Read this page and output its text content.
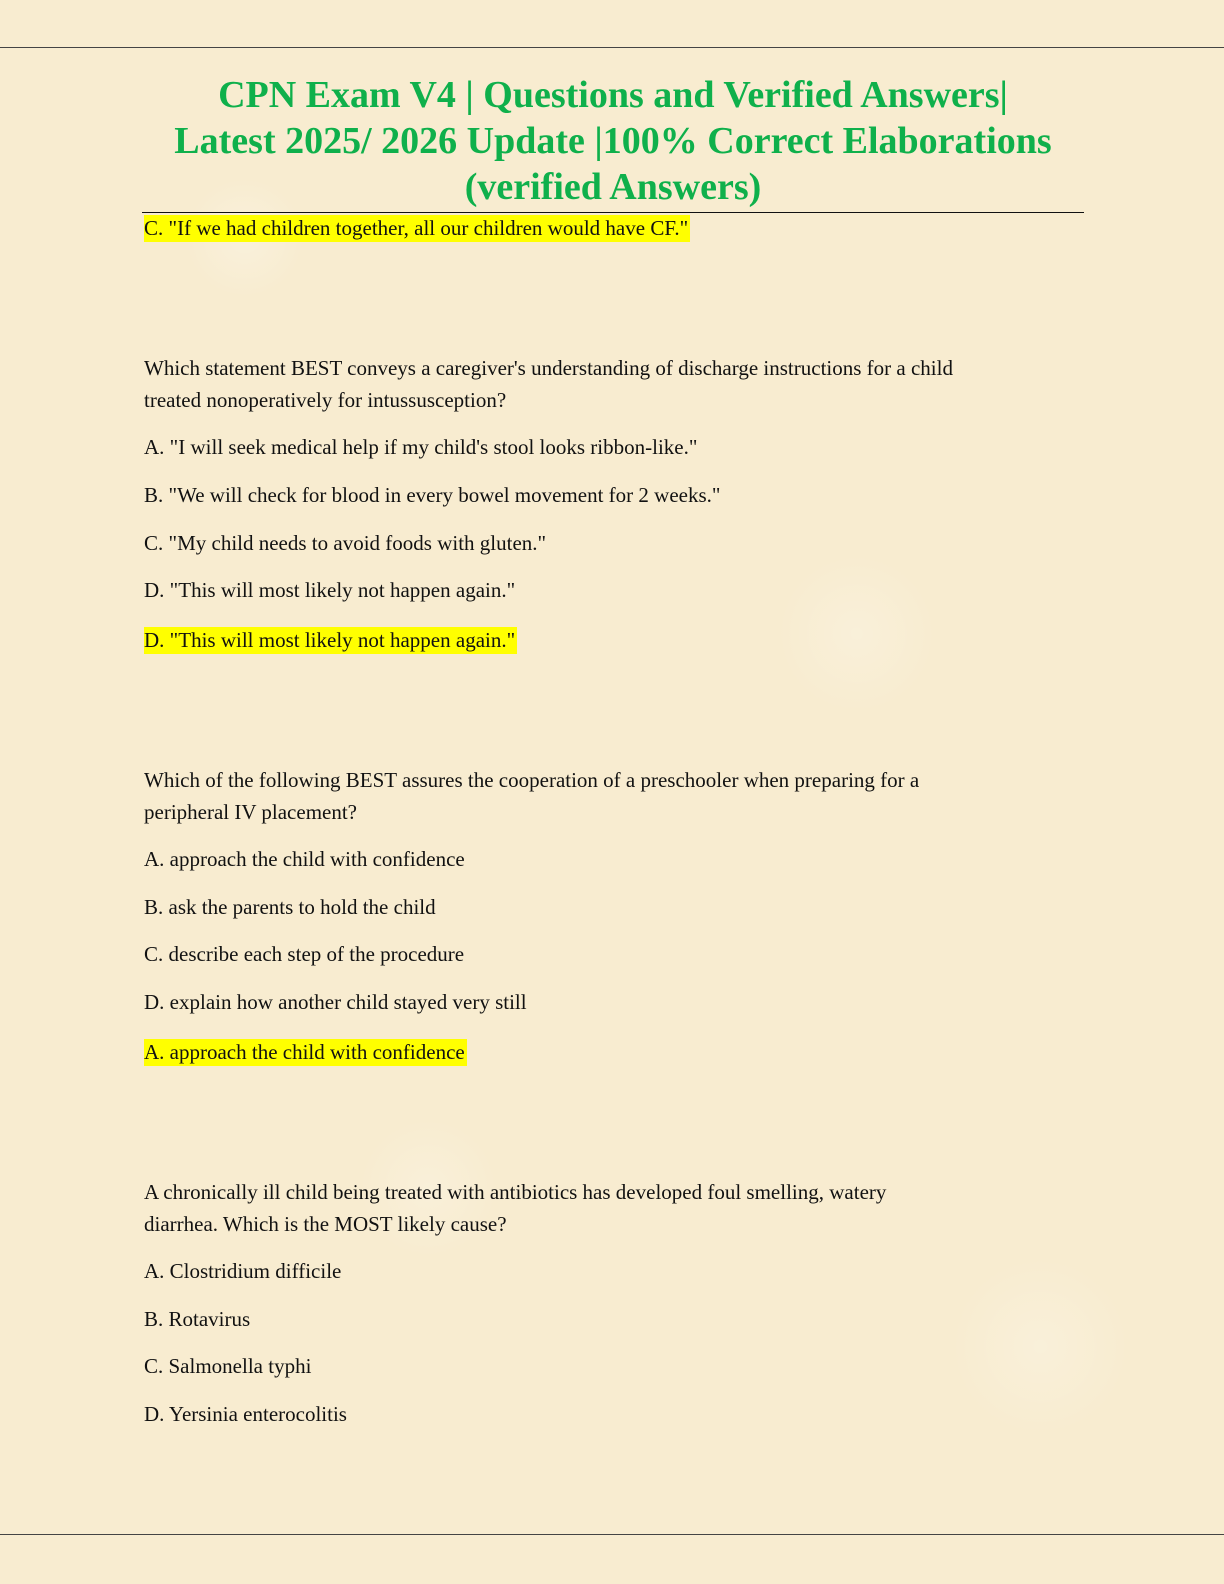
CPN Exam V4 | Questions and Verified Answers|
Latest 2025/ 2026 Update |100% Correct Elaborations
(verified Answers)
C. "If we had children together, all our children would have CF."
Which statement BEST conveys a caregiver's understanding of discharge instructions for a child
treated nonoperatively for intussusception?
A. "I will seek medical help if my child's stool looks ribbon-like."
B. "We will check for blood in every bowel movement for 2 weeks."
C. "My child needs to avoid foods with gluten."
D. "This will most likely not happen again."
D. "This will most likely not happen again."
Which of the following BEST assures the cooperation of a preschooler when preparing for a
peripheral IV placement?
A. approach the child with confidence
B. ask the parents to hold the child
C. describe each step of the procedure
D. explain how another child stayed very still
A. approach the child with confidence
A chronically ill child being treated with antibiotics has developed foul smelling, watery
diarrhea. Which is the MOST likely cause?
A. Clostridium difficile
B. Rotavirus
C. Salmonella typhi
D. Yersinia enterocolitis
